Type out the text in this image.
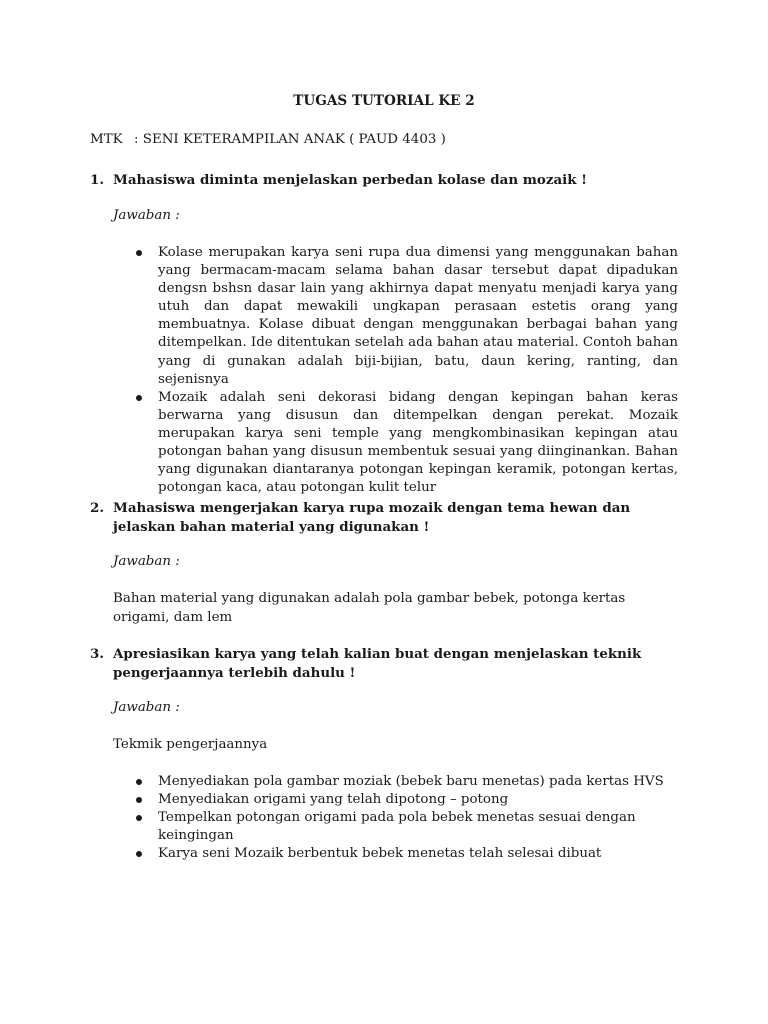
TUGAS TUTORIAL KE 2
MTK : SENI KETERAMPILAN ANAK ( PAUD 4403 )
1. Mahasiswa diminta menjelaskan perbedan kolase dan mozaik !
Jawaban :
Kolase merupakan karya seni rupa dua dimensi yang menggunakan bahan yang bermacam-macam selama bahan dasar tersebut dapat dipadukan dengsn bshsn dasar lain yang akhirnya dapat menyatu menjadi karya yang utuh dan dapat mewakili ungkapan perasaan estetis orang yang membuatnya. Kolase dibuat dengan menggunakan berbagai bahan yang ditempelkan. Ide ditentukan setelah ada bahan atau material. Contoh bahan yang di gunakan adalah biji-bijian, batu, daun kering, ranting, dan sejenisnya
Mozaik adalah seni dekorasi bidang dengan kepingan bahan keras berwarna yang disusun dan ditempelkan dengan perekat. Mozaik merupakan karya seni temple yang mengkombinasikan kepingan atau potongan bahan yang disusun membentuk sesuai yang diinginankan. Bahan yang digunakan diantaranya potongan kepingan keramik, potongan kertas, potongan kaca, atau potongan kulit telur
2. Mahasiswa mengerjakan karya rupa mozaik dengan tema hewan dan jelaskan bahan material yang digunakan !
Jawaban :
Bahan material yang digunakan adalah pola gambar bebek, potonga kertas origami, dam lem
3. Apresiasikan karya yang telah kalian buat dengan menjelaskan teknik pengerjaannya terlebih dahulu !
Jawaban :
Tekmik pengerjaannya
Menyediakan pola gambar moziak (bebek baru menetas) pada kertas HVS
Menyediakan origami yang telah dipotong – potong
Tempelkan potongan origami pada pola bebek menetas sesuai dengan keingingan
Karya seni Mozaik berbentuk bebek menetas telah selesai dibuat
